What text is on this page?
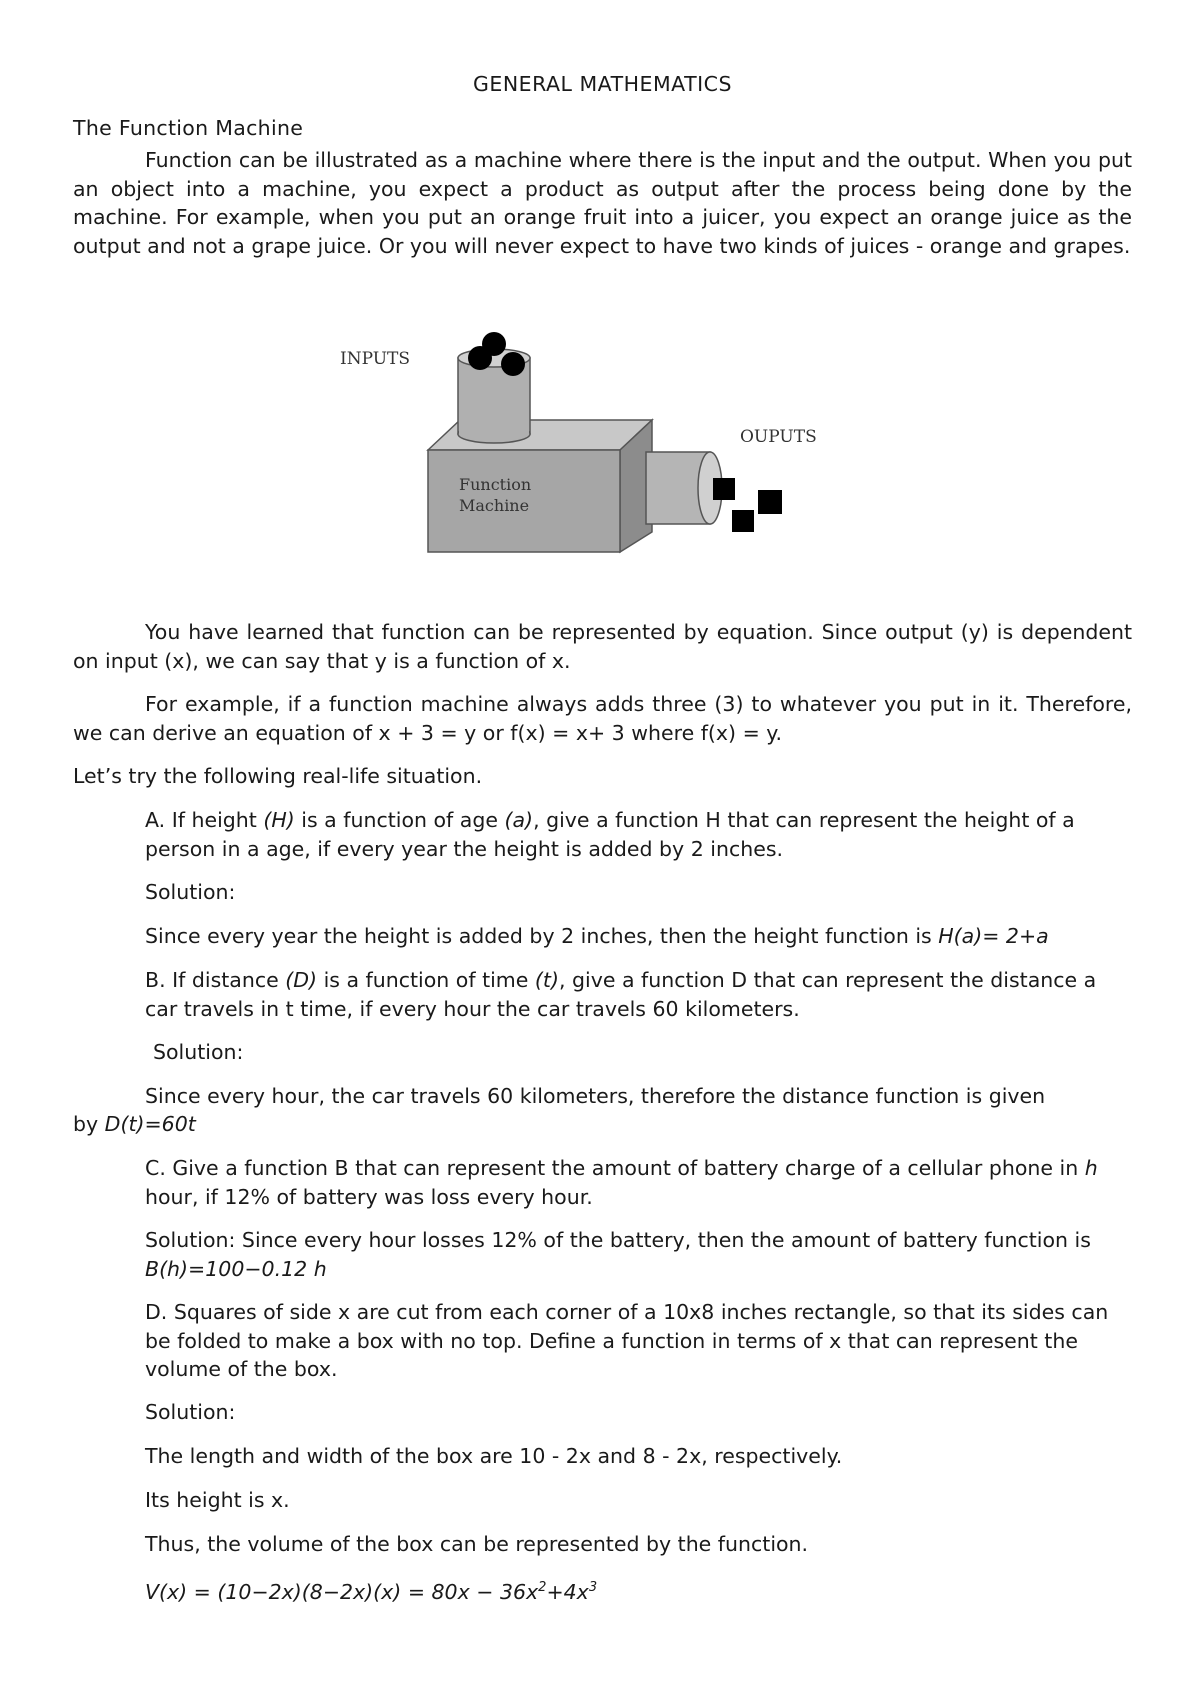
GENERAL MATHEMATICS
The Function Machine

Function can be illustrated as a machine where there is the input and the output. When you put an object into a machine, you expect a product as output after the process being done by the machine. For example, when you put an orange fruit into a juicer, you expect an orange juice as the output and not a grape juice. Or you will never expect to have two kinds of juices - orange and grapes.

INPUTS
OUPUTS
Function
Machine

You have learned that function can be represented by equation. Since output (y) is dependent on input (x), we can say that y is a function of x.

For example, if a function machine always adds three (3) to whatever you put in it. Therefore, we can derive an equation of x + 3 = y or f(x) = x+ 3 where f(x) = y.

Let’s try the following real-life situation.

A. If height (H) is a function of age (a), give a function H that can represent the height of a person in a age, if every year the height is added by 2 inches.

Solution:

Since every year the height is added by 2 inches, then the height function is H(a)= 2+a

B. If distance (D) is a function of time (t), give a function D that can represent the distance a car travels in t time, if every hour the car travels 60 kilometers.

Solution:

Since every hour, the car travels 60 kilometers, therefore the distance function is given

by D(t)=60t

C. Give a function B that can represent the amount of battery charge of a cellular phone in h hour, if 12% of battery was loss every hour.

Solution: Since every hour losses 12% of the battery, then the amount of battery function is B(h)=100−0.12 h

D. Squares of side x are cut from each corner of a 10x8 inches rectangle, so that its sides can be folded to make a box with no top. Define a function in terms of x that can represent the volume of the box.

Solution:

The length and width of the box are 10 - 2x and 8 - 2x, respectively.

Its height is x.

Thus, the volume of the box can be represented by the function.

$V(x) = (10-2x)(8-2x)(x) = 80x - 36x^2+4x^3$
